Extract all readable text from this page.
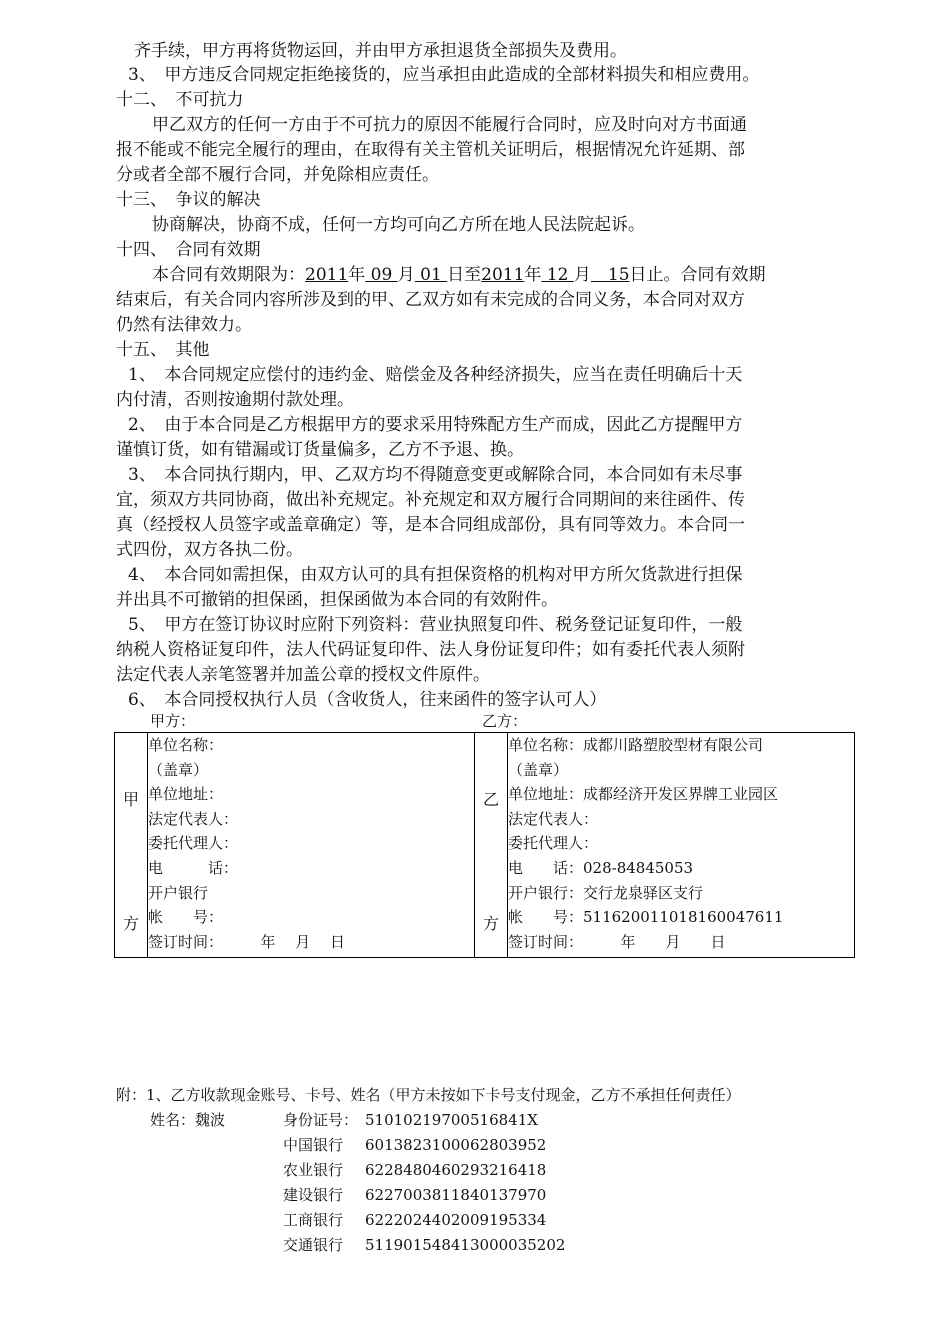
齐手续，甲方再将货物运回，并由甲方承担退货全部损失及费用。
3、　甲方违反合同规定拒绝接货的，应当承担由此造成的全部材料损失和相应费用。
十二、　不可抗力
甲乙双方的任何一方由于不可抗力的原因不能履行合同时，应及时向对方书面通
报不能或不能完全履行的理由，在取得有关主管机关证明后，根据情况允许延期、部
分或者全部不履行合同，并免除相应责任。
十三、　争议的解决
协商解决，协商不成，任何一方均可向乙方所在地人民法院起诉。
十四、　合同有效期
本合同有效期限为：2011年 09 月 01 日至2011年 12 月　15日止。合同有效期
结束后，有关合同内容所涉及到的甲、乙双方如有未完成的合同义务，本合同对双方
仍然有法律效力。
十五、　其他
1、　本合同规定应偿付的违约金、赔偿金及各种经济损失，应当在责任明确后十天
内付清，否则按逾期付款处理。
2、　由于本合同是乙方根据甲方的要求采用特殊配方生产而成，因此乙方提醒甲方
谨慎订货，如有错漏或订货量偏多，乙方不予退、换。
3、　本合同执行期内，甲、乙双方均不得随意变更或解除合同，本合同如有未尽事
宜，须双方共同协商，做出补充规定。补充规定和双方履行合同期间的来往函件、传
真（经授权人员签字或盖章确定）等，是本合同组成部份，具有同等效力。本合同一
式四份，双方各执二份。
4、　本合同如需担保，由双方认可的具有担保资格的机构对甲方所欠货款进行担保
并出具不可撤销的担保函，担保函做为本合同的有效附件。
5、　甲方在签订协议时应附下列资料：营业执照复印件、税务登记证复印件，一般
纳税人资格证复印件，法人代码证复印件、法人身份证复印件；如有委托代表人须附
法定代表人亲笔签署并加盖公章的授权文件原件。
6、　本合同授权执行人员（含收货人，往来函件的签字认可人）
甲方：	乙方：
甲
方

单位名称：
（盖章）
单位地址：
法定代表人：
委托代理人：
电　　　话：
开户银行
帐　　号：
签订时间：　　　年　 月　 日

乙
方

单位名称：成都川路塑胶型材有限公司
（盖章）
单位地址：成都经济开发区界牌工业园区
法定代表人：
委托代理人：
电　　话：028-84845053
开户银行：交行龙泉驿区支行
帐　　号：511620011018160047611
签订时间：　　　年　　月　　日
附：1、乙方收款现金账号、卡号、姓名（甲方未按如下卡号支付现金，乙方不承担任何责任）
姓名：魏波	身份证号： 51010219700516841X
中国银行 6013823100062803952
农业银行 6228480460293216418
建设银行 6227003811840137970
工商银行 6222024402009195334
交通银行 511901548413000035202
